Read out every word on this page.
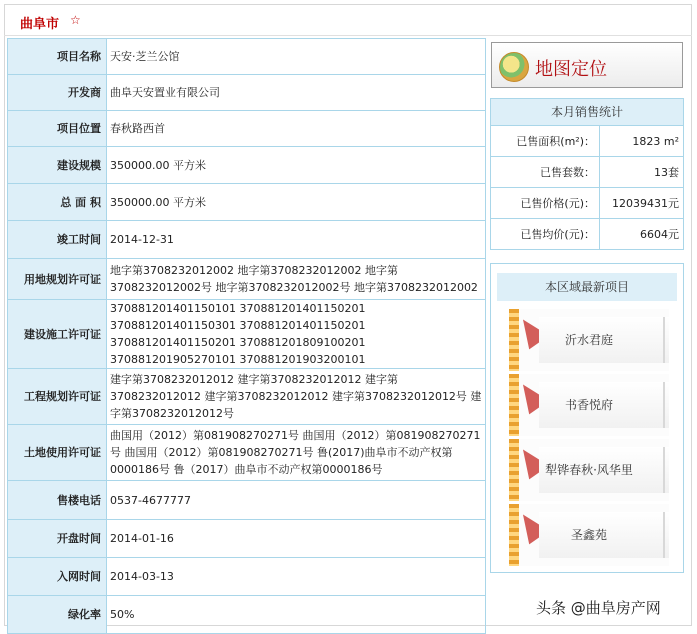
曲阜市 ☆
项目名称	天安·芝兰公馆
开发商	曲阜天安置业有限公司
项目位置	春秋路西首
建设规模	350000.00 平方米
总 面 积	350000.00 平方米
竣工时间	2014-12-31
用地规划许可证	地字第3708232012002 地字第3708232012002 地字第3708232012002号 地字第3708232012002号 地字第3708232012002
建设施工许可证	370881201401150101 370881201401150201 370881201401150301 370881201401150201 370881201401150201 370881201809100201 370881201905270101 370881201903200101
工程规划许可证	建字第3708232012012 建字第3708232012012 建字第3708232012012 建字第3708232012012 建字第3708232012012号 建字第3708232012012号
土地使用许可证	曲国用（2012）第081908270271号 曲国用（2012）第081908270271号 曲国用（2012）第081908270271号 鲁(2017)曲阜市不动产权第0000186号 鲁（2017）曲阜市不动产权第0000186号
售楼电话	0537-4677777
开盘时间	2014-01-16
入网时间	2014-03-13
绿化率	50%
地图定位
本月销售统计
已售面积(m²)：	1823 m²
已售套数：	13套
已售价格(元)：	12039431元
已售均价(元)：	6604元
本区域最新项目
沂水君庭
书香悦府
犁铧春秋·风华里
圣鑫苑
头条 @曲阜房产网
